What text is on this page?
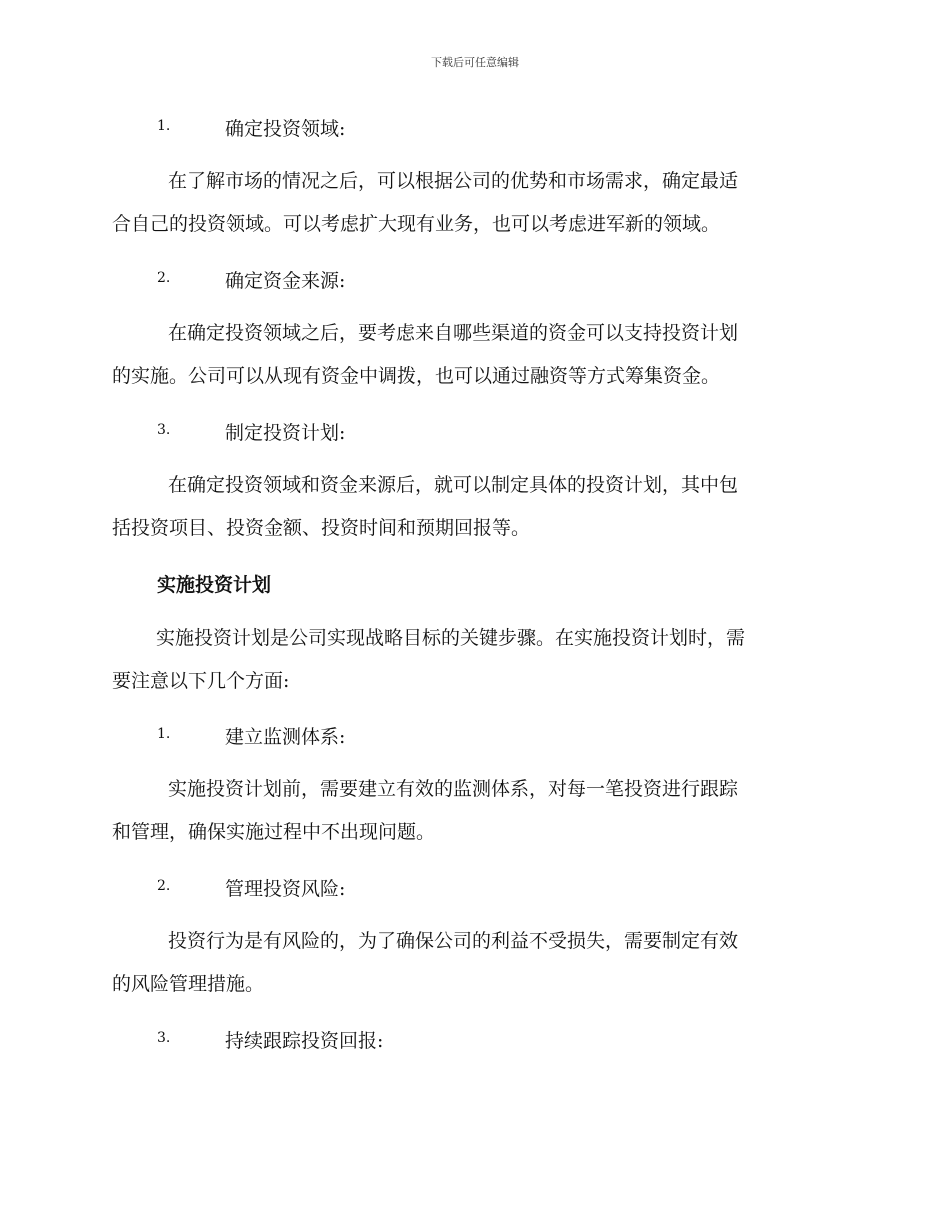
下载后可任意编辑
1.	确定投资领域:
在了解市场的情况之后，可以根据公司的优势和市场需求，确定最适
合自己的投资领域。可以考虑扩大现有业务，也可以考虑进军新的领域。
2.	确定资金来源:
在确定投资领域之后，要考虑来自哪些渠道的资金可以支持投资计划
的实施。公司可以从现有资金中调拨，也可以通过融资等方式筹集资金。
3.	制定投资计划:
在确定投资领域和资金来源后，就可以制定具体的投资计划，其中包
括投资项目、投资金额、投资时间和预期回报等。
实施投资计划
实施投资计划是公司实现战略目标的关键步骤。在实施投资计划时，需
要注意以下几个方面:
1.	建立监测体系:
实施投资计划前，需要建立有效的监测体系，对每一笔投资进行跟踪
和管理，确保实施过程中不出现问题。
2.	管理投资风险:
投资行为是有风险的，为了确保公司的利益不受损失，需要制定有效
的风险管理措施。
3.	持续跟踪投资回报:
